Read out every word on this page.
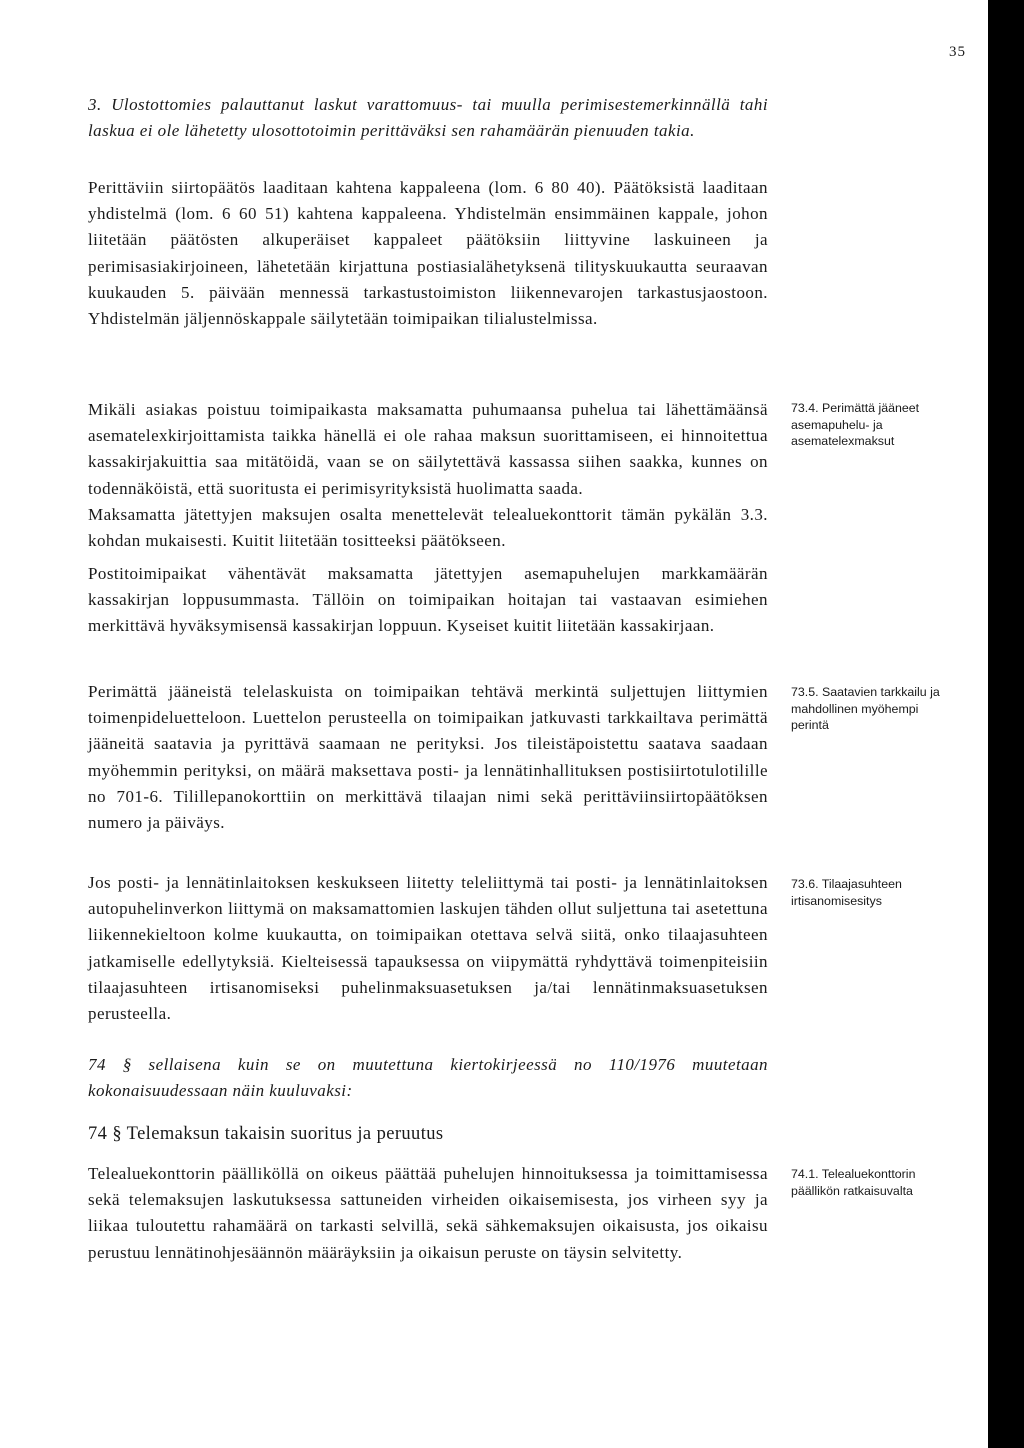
35

3. Ulostottomies palauttanut laskut varattomuus- tai muulla perimisestemerkinnällä tahi laskua ei ole lähetetty ulosottotoimin perittäväksi sen rahamäärän pienuuden takia.

Perittäviin siirtopäätös laaditaan kahtena kappaleena (lom. 6 80 40). Päätöksistä laaditaan yhdistelmä (lom. 6 60 51) kahtena kappaleena. Yhdistelmän ensimmäinen kappale, johon liitetään päätösten alkuperäiset kappaleet päätöksiin liittyvine laskuineen ja perimisasiakirjoineen, lähetetään kirjattuna postiasialähetyksenä tilityskuukautta seuraavan kuukauden 5. päivään mennessä tarkastustoimiston liikennevarojen tarkastusjaostoon. Yhdistelmän jäljennöskappale säilytetään toimipaikan tilialustelmissa.

Mikäli asiakas poistuu toimipaikasta maksamatta puhumaansa puhelua tai lähettämäänsä asematelexkirjoittamista taikka hänellä ei ole rahaa maksun suorittamiseen, ei hinnoitettua kassakirjakuittia saa mitätöidä, vaan se on säilytettävä kassassa siihen saakka, kunnes on todennäköistä, että suoritusta ei perimisyrityksistä huolimatta saada.

Maksamatta jätettyjen maksujen osalta menettelevät telealuekonttorit tämän pykälän 3.3. kohdan mukaisesti. Kuitit liitetään tositteeksi päätökseen.

Postitoimipaikat vähentävät maksamatta jätettyjen asemapuhelujen markkamäärän kassakirjan loppusummasta. Tällöin on toimipaikan hoitajan tai vastaavan esimiehen merkittävä hyväksymisensä kassakirjan loppuun. Kyseiset kuitit liitetään kassakirjaan.

Perimättä jääneistä telelaskuista on toimipaikan tehtävä merkintä suljettujen liittymien toimenpideluetteloon. Luettelon perusteella on toimipaikan jatkuvasti tarkkailtava perimättä jääneitä saatavia ja pyrittävä saamaan ne perityksi. Jos tileistäpoistettu saatava saadaan myöhemmin perityksi, on määrä maksettava posti- ja lennätinhallituksen postisiirtotulotilille no 701-6. Tilillepanokorttiin on merkittävä tilaajan nimi sekä perittäviinsiirtopäätöksen numero ja päiväys.

Jos posti- ja lennätinlaitoksen keskukseen liitetty teleliittymä tai posti- ja lennätinlaitoksen autopuhelinverkon liittymä on maksamattomien laskujen tähden ollut suljettuna tai asetettuna liikennekieltoon kolme kuukautta, on toimipaikan otettava selvä siitä, onko tilaajasuhteen jatkamiselle edellytyksiä. Kielteisessä tapauksessa on viipymättä ryhdyttävä toimenpiteisiin tilaajasuhteen irtisanomiseksi puhelinmaksuasetuksen ja/tai lennätinmaksuasetuksen perusteella.

74 § sellaisena kuin se on muutettuna kiertokirjeessä no 110/1976 muutetaan kokonaisuudessaan näin kuuluvaksi:

74 § Telemaksun takaisin suoritus ja peruutus

Telealuekonttorin päälliköllä on oikeus päättää puhelujen hinnoituksessa ja toimittamisessa sekä telemaksujen laskutuksessa sattuneiden virheiden oikaisemisesta, jos virheen syy ja liikaa tuloutettu rahamäärä on tarkasti selvillä, sekä sähkemaksujen oikaisusta, jos oikaisu perustuu lennätinohjesäännön määräyksiin ja oikaisun peruste on täysin selvitetty.

73.4. Perimättä jääneet asemapuhelu- ja asematelexmaksut

73.5. Saatavien tarkkailu ja mahdollinen myöhempi perintä

73.6. Tilaajasuhteen irtisanomisesitys

74.1. Telealuekonttorin päällikön ratkaisuvalta
